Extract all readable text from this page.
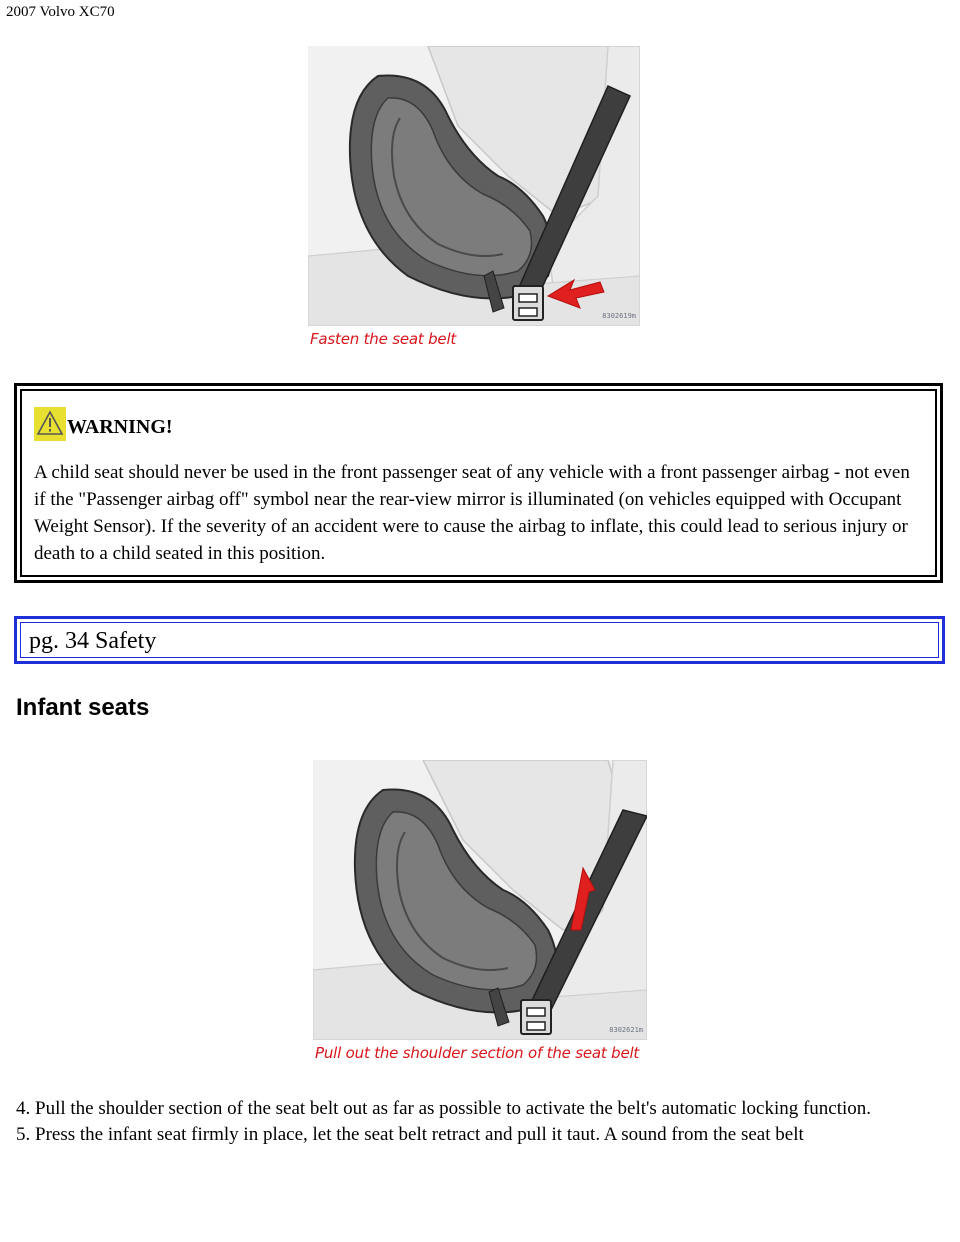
2007 Volvo XC70
8302619m
Fasten the seat belt
WARNING!
A child seat should never be used in the front passenger seat of any vehicle with a front passenger airbag - not even if the "Passenger airbag off" symbol near the rear-view mirror is illuminated (on vehicles equipped with Occupant Weight Sensor). If the severity of an accident were to cause the airbag to inflate, this could lead to serious injury or death to a child seated in this position.
pg. 34 Safety
Infant seats
8302621m
Pull out the shoulder section of the seat belt

4. Pull the shoulder section of the seat belt out as far as possible to activate the belt's automatic locking function.

5. Press the infant seat firmly in place, let the seat belt retract and pull it taut. A sound from the seat belt
